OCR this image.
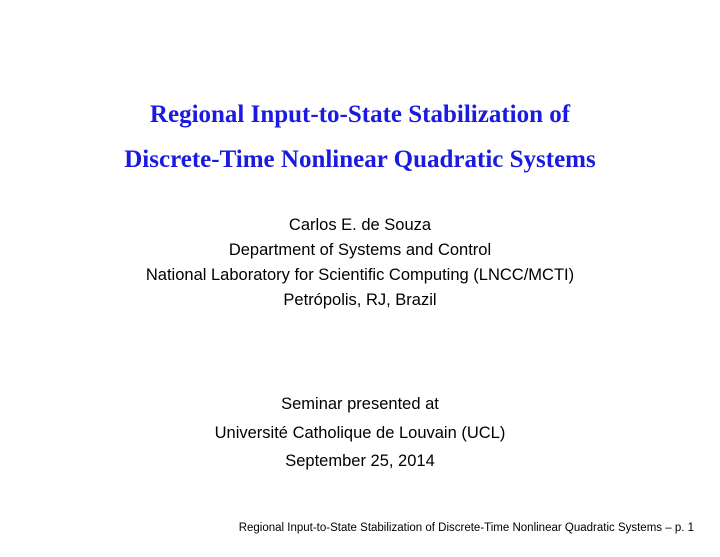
Regional Input-to-State Stabilization of
Discrete-Time Nonlinear Quadratic Systems
Carlos E. de Souza
Department of Systems and Control
National Laboratory for Scientific Computing (LNCC/MCTI)
Petrópolis, RJ, Brazil
Seminar presented at
Université Catholique de Louvain (UCL)
September 25, 2014
Regional Input-to-State Stabilization of Discrete-Time Nonlinear Quadratic Systems – p. 1
